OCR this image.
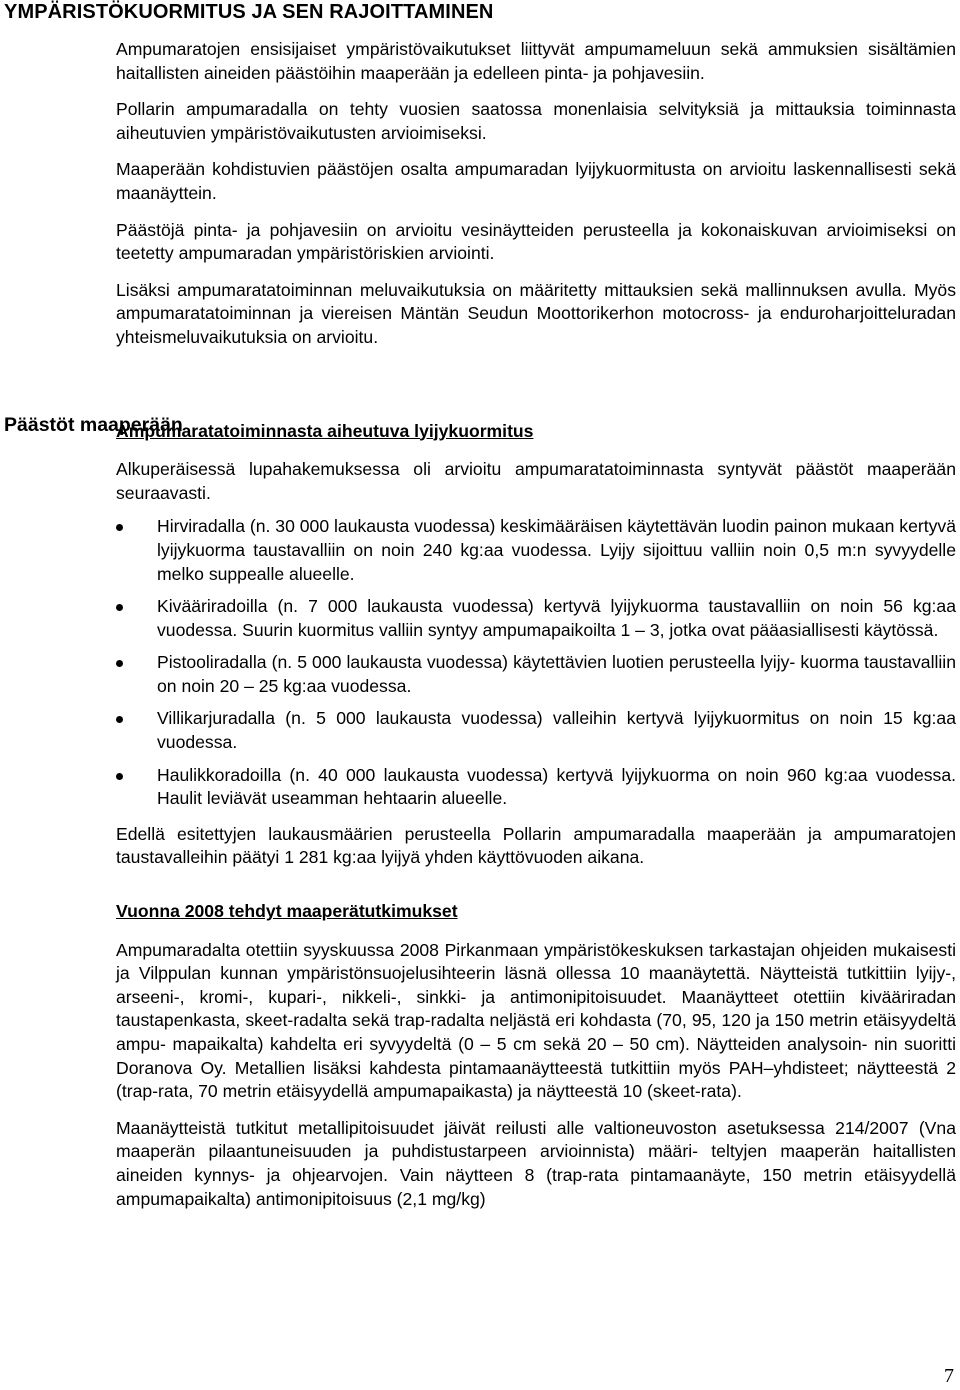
YMPÄRISTÖKUORMITUS JA SEN RAJOITTAMINEN
Päästöt maaperään

Ampumaratojen ensisijaiset ympäristövaikutukset liittyvät ampumameluun sekä ammuksien sisältämien haitallisten aineiden päästöihin maaperään ja edelleen pinta- ja pohjavesiin.

Pollarin ampumaradalla on tehty vuosien saatossa monenlaisia selvityksiä ja mittauksia toiminnasta aiheutuvien ympäristövaikutusten arvioimiseksi.

Maaperään kohdistuvien päästöjen osalta ampumaradan lyijykuormitusta on arvioitu laskennallisesti sekä maanäyttein.

Päästöjä pinta- ja pohjavesiin on arvioitu vesinäytteiden perusteella ja kokonaiskuvan arvioimiseksi on teetetty ampumaradan ympäristöriskien arviointi.

Lisäksi ampumaratatoiminnan meluvaikutuksia on määritetty mittauksien sekä mallinnuksen avulla. Myös ampumaratatoiminnan ja viereisen Mäntän Seudun Moottorikerhon motocross- ja enduroharjoitteluradan yhteismeluvaikutuksia on arvioitu.

Ampumaratatoiminnasta aiheutuva lyijykuormitus

Alkuperäisessä lupahakemuksessa oli arvioitu ampumaratatoiminnasta syntyvät päästöt maaperään seuraavasti.

Hirviradalla (n. 30 000 laukausta vuodessa) keskimääräisen käytettävän luodin painon mukaan kertyvä lyijykuorma taustavalliin on noin 240 kg:aa vuodessa. Lyijy sijoittuu valliin noin 0,5 m:n syvyydelle melko suppealle alueelle.
Kivääriradoilla (n. 7 000 laukausta vuodessa) kertyvä lyijykuorma taustavalliin on noin 56 kg:aa vuodessa. Suurin kuormitus valliin syntyy ampumapaikoilta 1 – 3, jotka ovat pääasiallisesti käytössä.
Pistooliradalla (n. 5 000 laukausta vuodessa) käytettävien luotien perusteella lyijy- kuorma taustavalliin on noin 20 – 25 kg:aa vuodessa.
Villikarjuradalla (n. 5 000 laukausta vuodessa) valleihin kertyvä lyijykuormitus on noin 15 kg:aa vuodessa.
Haulikkoradoilla (n. 40 000 laukausta vuodessa) kertyvä lyijykuorma on noin 960 kg:aa vuodessa. Haulit leviävät useamman hehtaarin alueelle.

Edellä esitettyjen laukausmäärien perusteella Pollarin ampumaradalla maaperään ja ampumaratojen taustavalleihin päätyi 1 281 kg:aa lyijyä yhden käyttövuoden aikana.

Vuonna 2008 tehdyt maaperätutkimukset

Ampumaradalta otettiin syyskuussa 2008 Pirkanmaan ympäristökeskuksen tarkastajan ohjeiden mukaisesti ja Vilppulan kunnan ympäristönsuojelusihteerin läsnä ollessa 10 maanäytettä. Näytteistä tutkittiin lyijy-, arseeni-, kromi-, kupari-, nikkeli-, sinkki- ja antimonipitoisuudet. Maanäytteet otettiin kivääriradan taustapenkasta, skeet-radalta sekä trap-radalta neljästä eri kohdasta (70, 95, 120 ja 150 metrin etäisyydeltä ampu- mapaikalta) kahdelta eri syvyydeltä (0 – 5 cm sekä 20 – 50 cm). Näytteiden analysoin- nin suoritti Doranova Oy. Metallien lisäksi kahdesta pintamaanäytteestä tutkittiin myös PAH–yhdisteet; näytteestä 2 (trap-rata, 70 metrin etäisyydellä ampumapaikasta) ja näytteestä 10 (skeet-rata).

Maanäytteistä tutkitut metallipitoisuudet jäivät reilusti alle valtioneuvoston asetuksessa 214/2007 (Vna maaperän pilaantuneisuuden ja puhdistustarpeen arvioinnista) määri- teltyjen maaperän haitallisten aineiden kynnys- ja ohjearvojen. Vain näytteen 8 (trap-rata pintamaanäyte, 150 metrin etäisyydellä ampumapaikalta) antimonipitoisuus (2,1 mg/kg)

7
